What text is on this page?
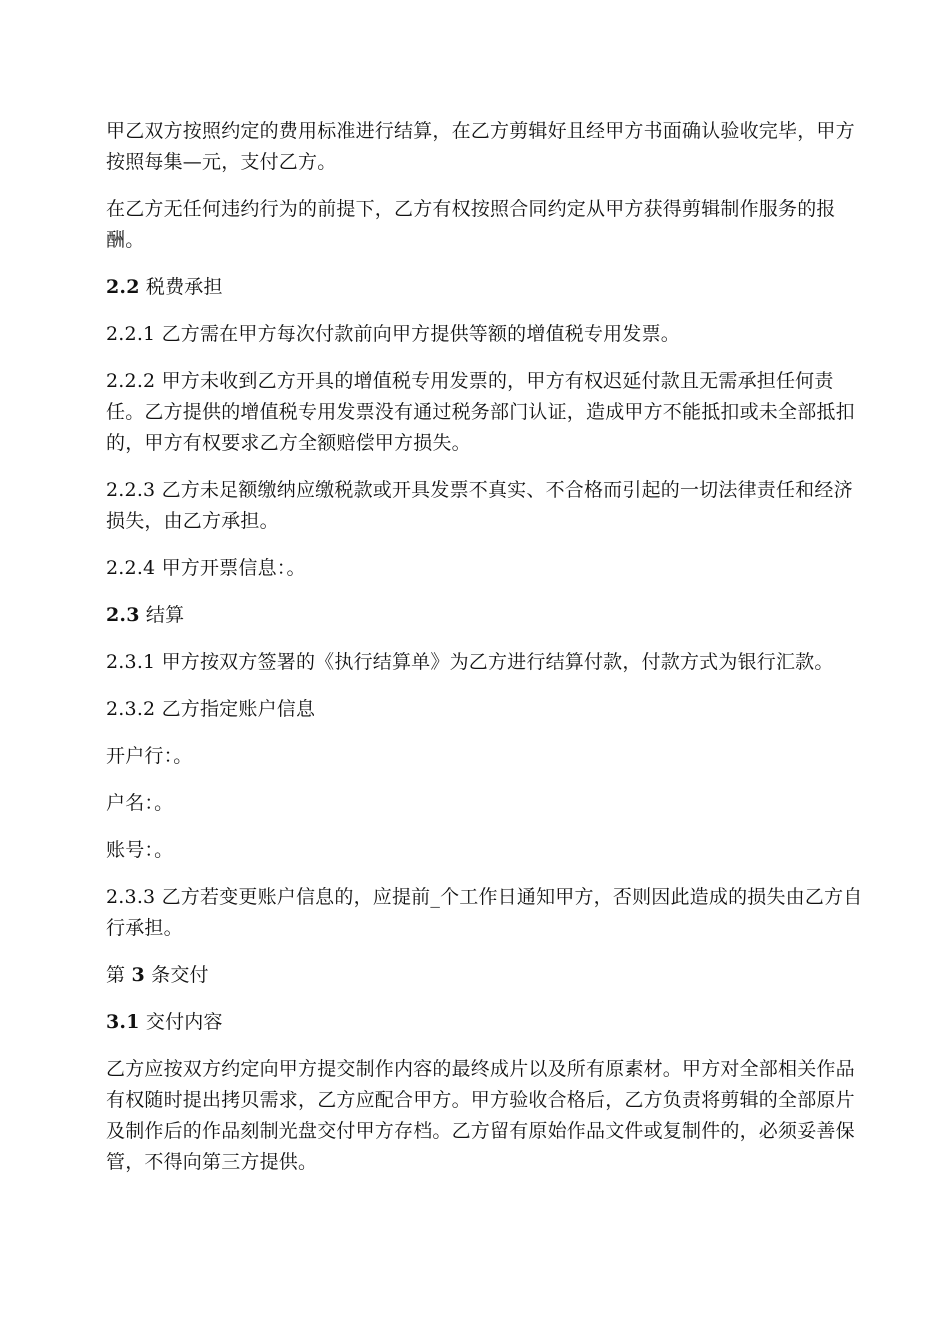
甲乙双方按照约定的费用标准进行结算，在乙方剪辑好且经甲方书面确认验收完毕，甲方按照每集—元，支付乙方。

在乙方无任何违约行为的前提下，乙方有权按照合同约定从甲方获得剪辑制作服务的报酬。

2.2 税费承担

2.2.1 乙方需在甲方每次付款前向甲方提供等额的增值税专用发票。

2.2.2 甲方未收到乙方开具的增值税专用发票的，甲方有权迟延付款且无需承担任何责任。乙方提供的增值税专用发票没有通过税务部门认证，造成甲方不能抵扣或未全部抵扣的，甲方有权要求乙方全额赔偿甲方损失。

2.2.3 乙方未足额缴纳应缴税款或开具发票不真实、不合格而引起的一切法律责任和经济损失，由乙方承担。

2.2.4 甲方开票信息：。

2.3 结算

2.3.1 甲方按双方签署的《执行结算单》为乙方进行结算付款，付款方式为银行汇款。

2.3.2 乙方指定账户信息

开户行：。

户名：。

账号：。

2.3.3 乙方若变更账户信息的，应提前_个工作日通知甲方，否则因此造成的损失由乙方自行承担。

第 3 条交付

3.1 交付内容

乙方应按双方约定向甲方提交制作内容的最终成片以及所有原素材。甲方对全部相关作品有权随时提出拷贝需求，乙方应配合甲方。甲方验收合格后，乙方负责将剪辑的全部原片及制作后的作品刻制光盘交付甲方存档。乙方留有原始作品文件或复制件的，必须妥善保管，不得向第三方提供。
